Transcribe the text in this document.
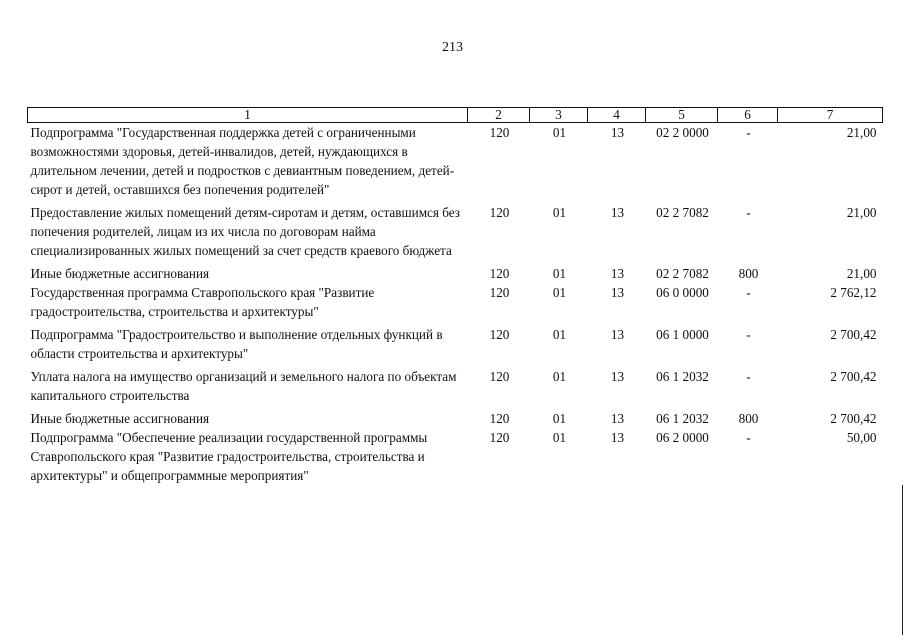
213
1	2	3	4	5	6	7
Подпрограмма "Государственная поддержка детей с ограниченными возможностями здоровья, детей-инвалидов, детей, нуждающихся в длительном лечении, детей и подростков с девиантным поведением, детей-сирот и детей, оставшихся без попечения родителей"	120	01	13	02 2 0000	-	21,00
Предоставление жилых помещений детям-сиротам и детям, оставшимся без попечения родителей, лицам из их числа по договорам найма специализированных жилых помещений за счет средств краевого бюджета	120	01	13	02 2 7082	-	21,00
Иные бюджетные ассигнования	120	01	13	02 2 7082	800	21,00
Государственная программа Ставропольского края "Развитие градостроительства, строительства и архитектуры"	120	01	13	06 0 0000	-	2 762,12
Подпрограмма "Градостроительство и выполнение отдельных функций в области строительства и архитектуры"	120	01	13	06 1 0000	-	2 700,42
Уплата налога на имущество организаций и земельного налога по объектам капитального строительства	120	01	13	06 1 2032	-	2 700,42
Иные бюджетные ассигнования	120	01	13	06 1 2032	800	2 700,42
Подпрограмма "Обеспечение реализации государственной программы Ставропольского края "Развитие градостроительства, строительства и архитектуры" и общепрограммные мероприятия"	120	01	13	06 2 0000	-	50,00
